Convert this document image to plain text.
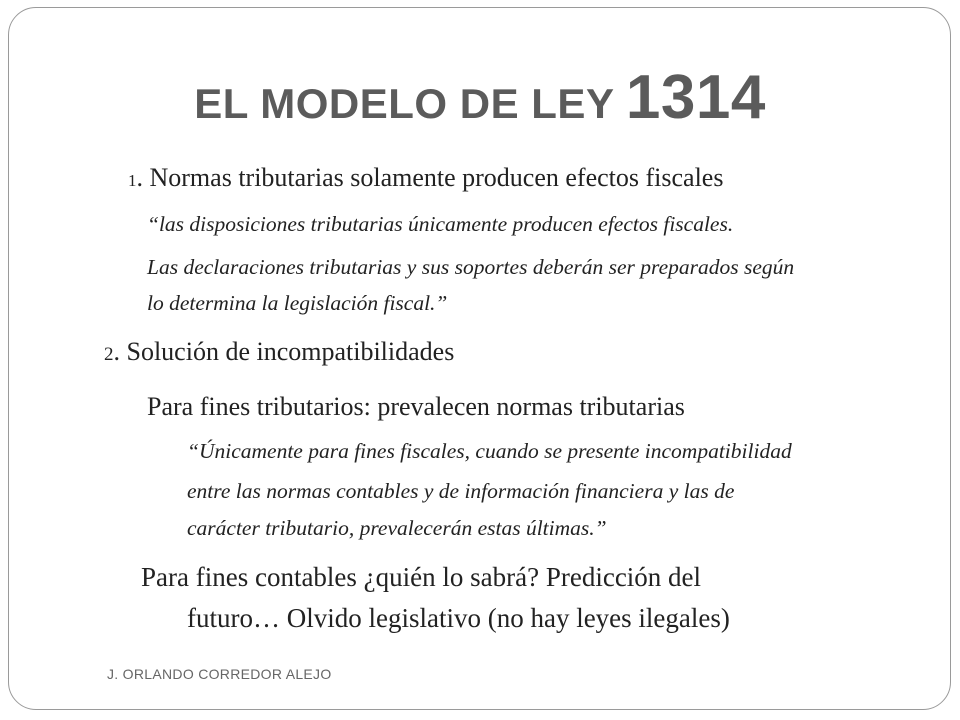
EL MODELO DE LEY 1314

1. Normas tributarias solamente producen efectos fiscales

“las disposiciones tributarias únicamente producen efectos fiscales.

Las declaraciones tributarias y sus soportes deberán ser preparados según

lo determina la legislación fiscal.”

2. Solución de incompatibilidades

Para fines tributarios: prevalecen normas tributarias

“Únicamente para fines fiscales, cuando se presente incompatibilidad

entre las normas contables y de información financiera y las de

carácter tributario, prevalecerán estas últimas.”

Para fines contables ¿quién lo sabrá? Predicción del

futuro… Olvido legislativo (no hay leyes ilegales)

J. ORLANDO CORREDOR ALEJO
